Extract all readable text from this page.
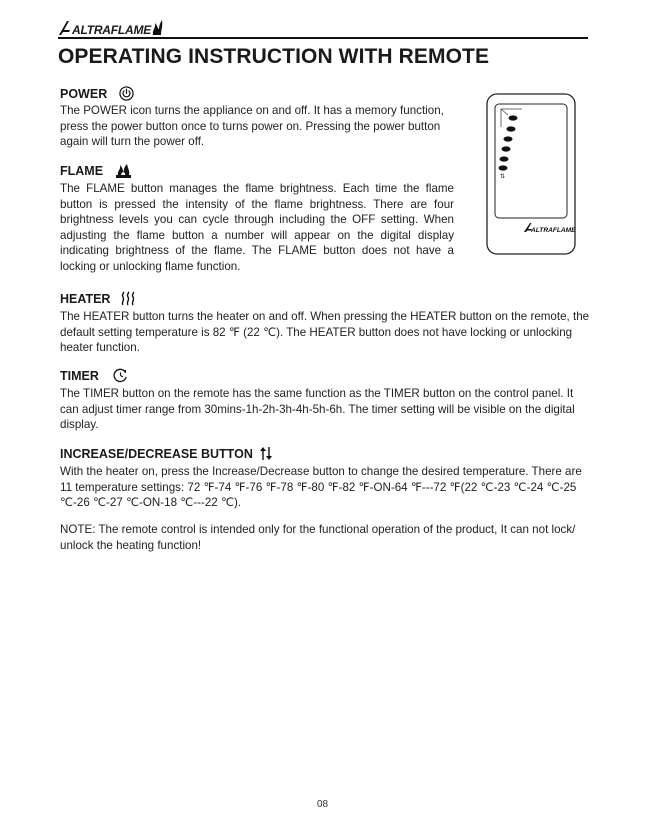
ALTRAFLAME
OPERATING INSTRUCTION WITH REMOTE
POWER

The POWER icon turns the appliance on and off. It has a memory function, press the power button once to turns power on. Pressing the power button again will turn the power off.

FLAME

The FLAME button manages the flame brightness. Each time the flame button is pressed the intensity of the flame brightness. There are four brightness levels you can cycle through including the OFF setting. When adjusting the flame button a number will appear on the digital display indicating brightness of the flame. The FLAME button does not have a locking or unlocking flame function.

⇅
ALTRAFLAME
HEATER

The HEATER button turns the heater on and off. When pressing the HEATER button on the remote, the default setting temperature is 82 ℉ (22 ℃). The HEATER button does not have locking or unlocking heater function.

TIMER

The TIMER button on the remote has the same function as the TIMER button on the control panel. It can adjust timer range from 30mins-1h-2h-3h-4h-5h-6h. The timer setting will be visible on the digital display.

INCREASE/DECREASE BUTTON

With the heater on, press the Increase/Decrease button to change the desired temperature. There are 11 temperature settings: 72 ℉-74 ℉-76 ℉-78 ℉-80 ℉-82 ℉-ON-64 ℉---72 ℉(22 ℃-23 ℃-24 ℃-25 ℃-26 ℃-27 ℃-ON-18 ℃---22 ℃).

NOTE: The remote control is intended only for the functional operation of the product, It can not lock/ unlock the heating function!

08
